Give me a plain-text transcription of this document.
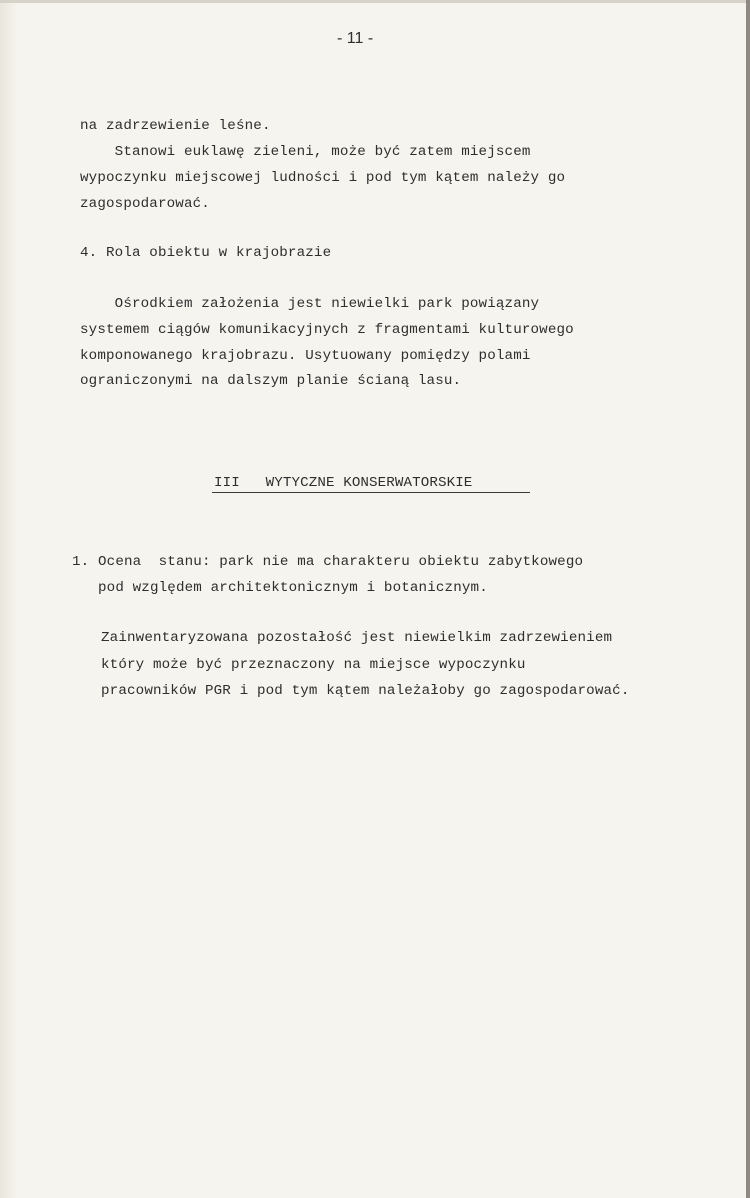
- 11 -
na zadrzewienie leśne.
Stanowi euklawę zieleni, może być zatem miejscem
wypoczynku miejscowej ludności i pod tym kątem należy go
zagospodarować.
4. Rola obiektu w krajobrazie
Ośrodkiem założenia jest niewielki park powiązany
systemem ciągów komunikacyjnych z fragmentami kulturowego
komponowanego krajobrazu. Usytuowany pomiędzy polami
ograniczonymi na dalszym planie ścianą lasu.
III   WYTYCZNE KONSERWATORSKIE
1. Ocena  stanu: park nie ma charakteru obiektu zabytkowego
pod względem architektonicznym i botanicznym.
Zainwentaryzowana pozostałość jest niewielkim zadrzewieniem
który może być przeznaczony na miejsce wypoczynku
pracowników PGR i pod tym kątem należałoby go zagospodarować.
